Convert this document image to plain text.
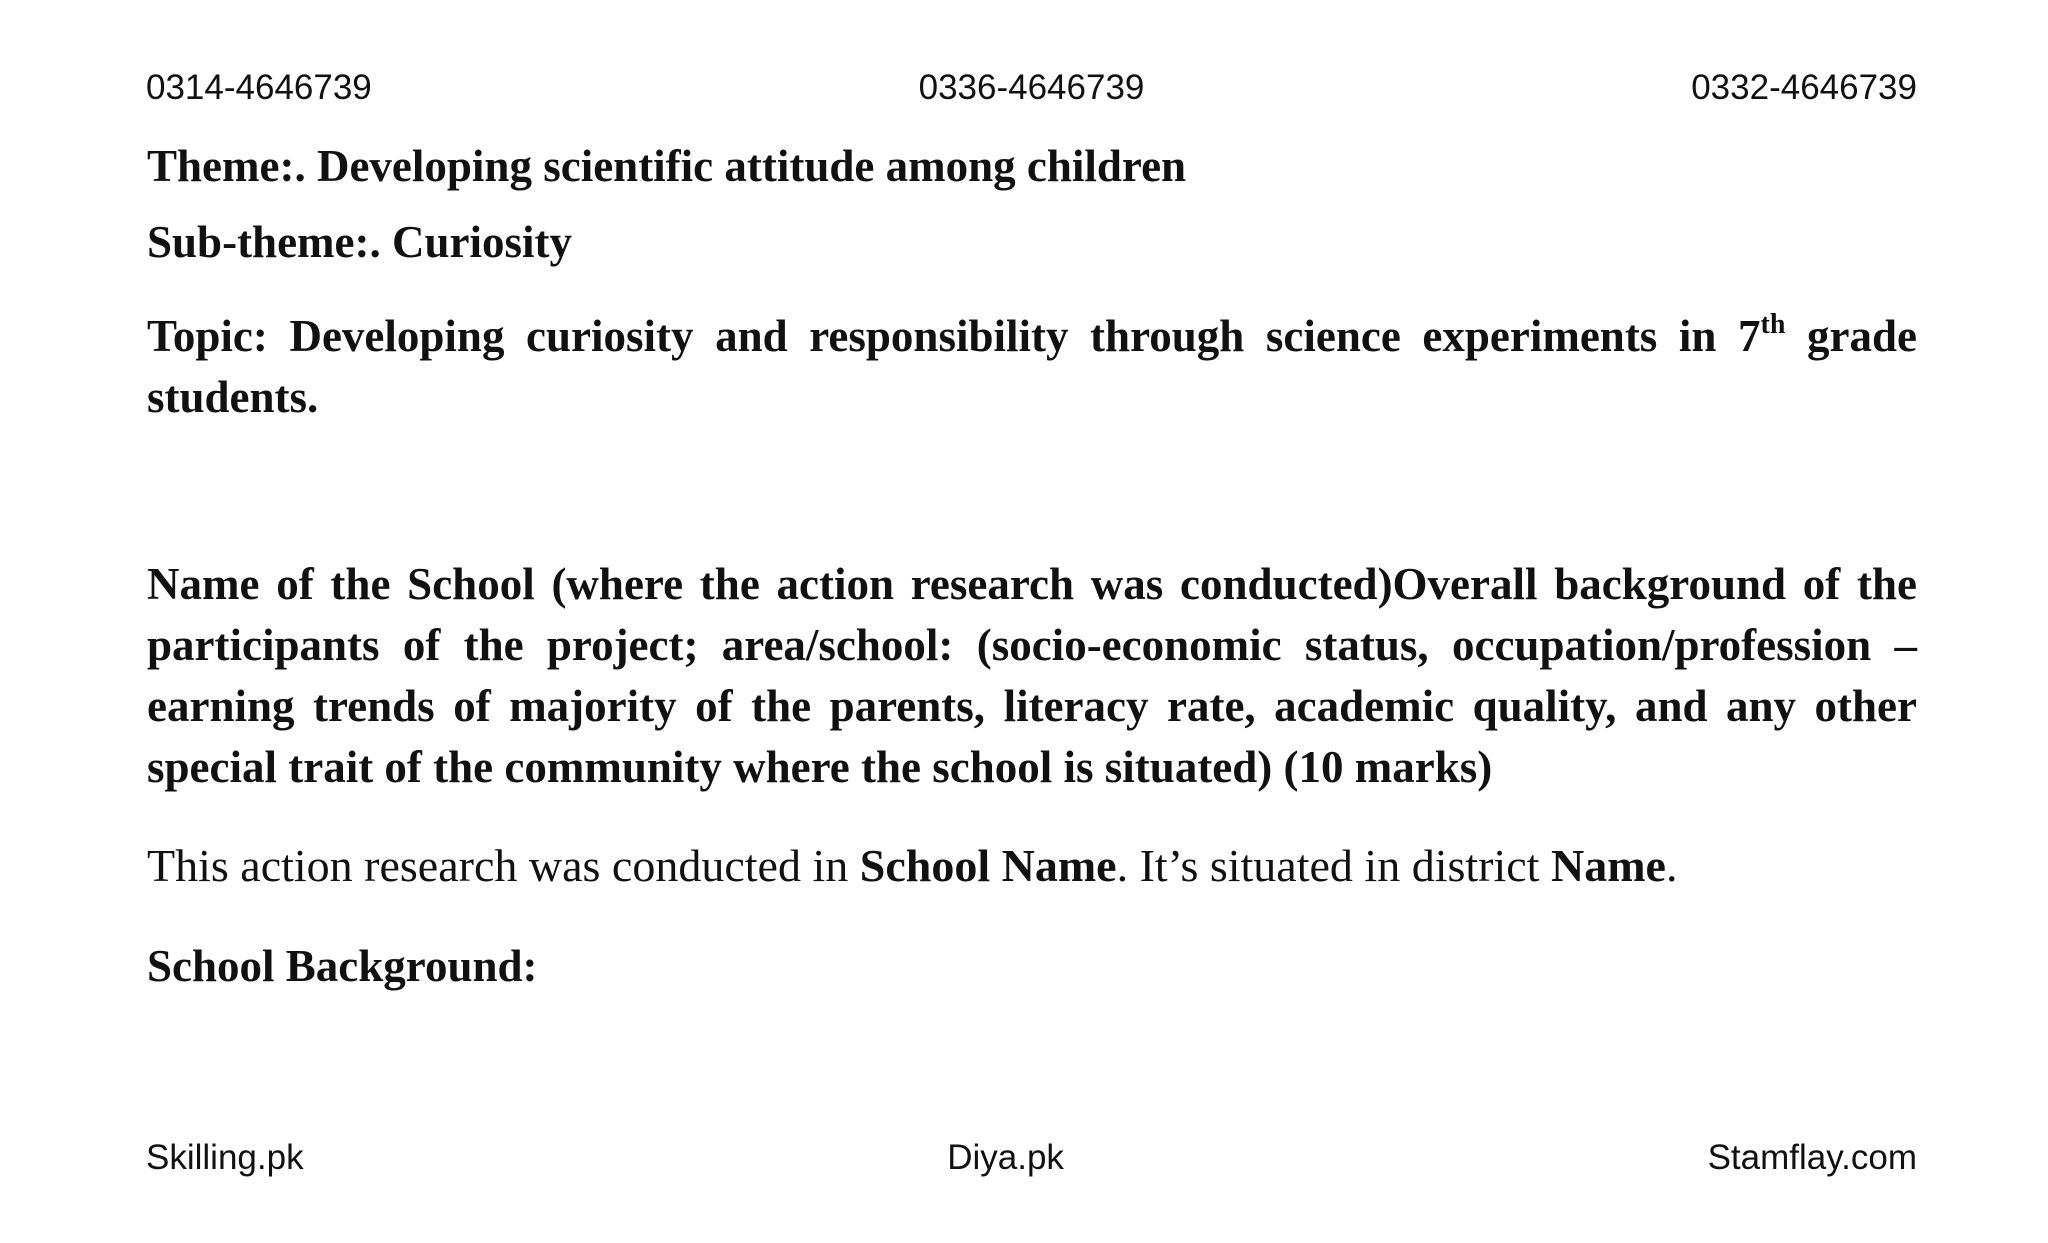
0314-4646739	0336-4646739	0332-4646739

Theme:. Developing scientific attitude among children

Sub-theme:. Curiosity

Topic: Developing curiosity and responsibility through science experiments in 7th grade students.

Name of the School (where the action research was conducted)Overall background of the participants of the project; area/school: (socio-economic status, occupation/profession – earning trends of majority of the parents, literacy rate, academic quality, and any other special trait of the community where the school is situated) (10 marks)

This action research was conducted in School Name. It’s situated in district Name.

School Background:

Skilling.pk	Diya.pk	Stamflay.com
